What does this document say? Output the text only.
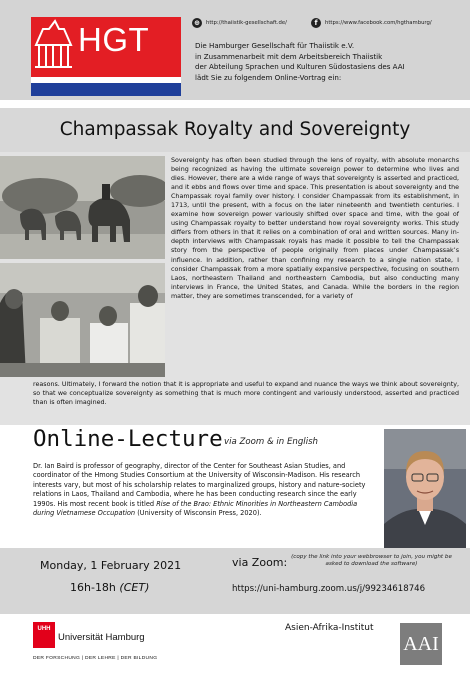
HGT	⊕	http://thaiistik-gesellschaft.de/	f	https://www.facebook.com/hgthamburg/
Die Hamburger Gesellschaft für Thaiistik e.V.
in Zusammenarbeit mit dem Arbeitsbereich Thaiistik
der Abteilung Sprachen und Kulturen Südostasiens des AAI
lädt Sie zu folgendem Online-Vortrag ein:
Champassak Royalty and Sovereignty
Sovereignty has often been studied through the lens of royalty, with absolute monarchs being recognized as having the ultimate sovereign power to determine who lives and dies. However, there are a wide range of ways that sovereignty is asserted and practiced, and it ebbs and flows over time and space. This presentation is about sovereignty and the Champassak royal family over history. I consider Champassak from its establishment, in 1713, until the present, with a focus on the later nineteenth and twentieth centuries. I examine how sovereign power variously shifted over space and time, with the goal of using Champassak royalty to better understand how royal sovereignty works. This study differs from others in that it relies on a combination of oral and written sources. Many in-depth interviews with Champassak royals has made it possible to tell the Champassak story from the perspective of people originally from places under Champassak’s influence. In addition, rather than confining my research to a single nation state, I consider Champassak from a more spatially expansive perspective, focusing on southern Laos, northeastern Thailand and northeastern Cambodia, but also conducting many interviews in France, the United States, and Canada. While the borders in the region matter, they are sometimes transcended, for a variety of
reasons. Ultimately, I forward the notion that it is appropriate and useful to expand and nuance the ways we think about sovereignty, so that we conceptualize sovereignty as something that is much more contingent and variously understood, asserted and practiced than is often imagined.
Online-Lecture via Zoom & in English
Dr. Ian Baird is professor of geography, director of the Center for Southeast Asian Studies, and coordinator of the Hmong Studies Consortium at the University of Wisconsin-Madison. His research interests vary, but most of his scholarship relates to marginalized groups, history and nature-society relations in Laos, Thailand and Cambodia, where he has been conducting research since the early 1990s. His most recent book is titled Rise of the Brao: Ethnic Minorities in Northeastern Cambodia during Vietnamese Occupation (University of Wisconsin Press, 2020).
Monday, 1 February 2021
16h-18h (CET)
via Zoom: (copy the link into your webbrowser to join, you might be asked to download the software)
https://uni-hamburg.zoom.us/j/99234618746
UHH
Universität Hamburg
DER FORSCHUNG | DER LEHRE | DER BILDUNG
Asien-Afrika-Institut
AAI
